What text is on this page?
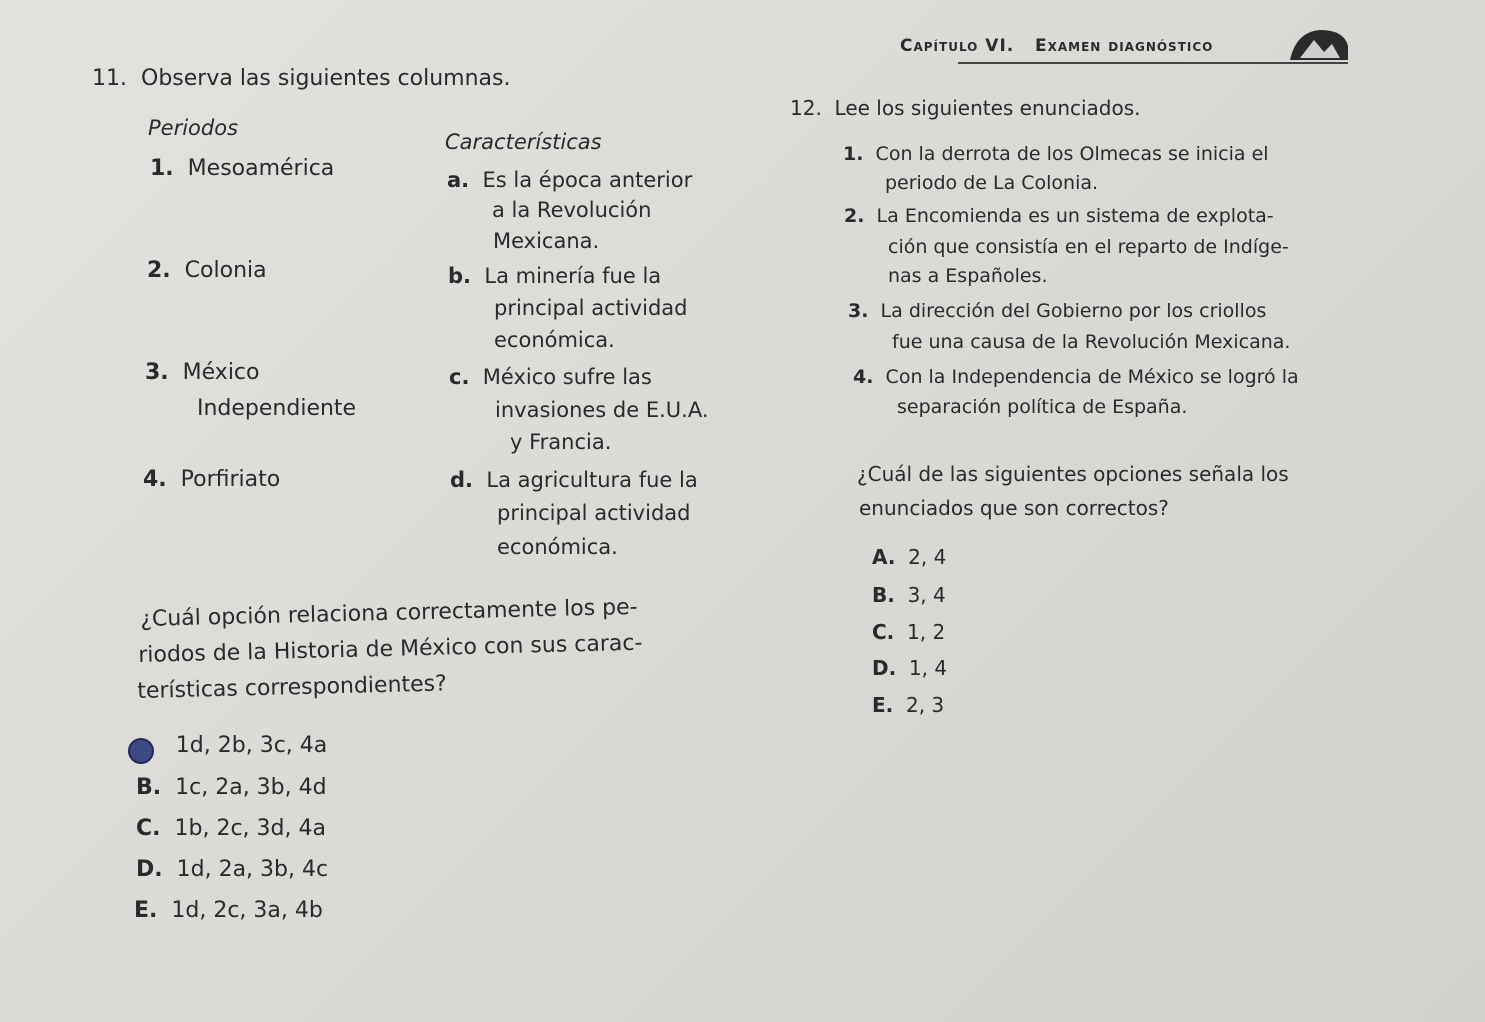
Capítulo VI. Examen diagnóstico
11. Observa las siguientes columnas.
Periodos
Características
1. Mesoamérica
2. Colonia
3. México
Independiente
4. Porfiriato
a. Es la época anterior
a la Revolución
Mexicana.
b. La minería fue la
principal actividad
económica.
c. México sufre las
invasiones de E.U.A.
y Francia.
d. La agricultura fue la
principal actividad
económica.
¿Cuál opción relaciona correctamente los pe-
riodos de la Historia de México con sus carac-
terísticas correspondientes?
1d, 2b, 3c, 4a
B. 1c, 2a, 3b, 4d
C. 1b, 2c, 3d, 4a
D. 1d, 2a, 3b, 4c
E. 1d, 2c, 3a, 4b
12. Lee los siguientes enunciados.
1. Con la derrota de los Olmecas se inicia el
periodo de La Colonia.
2. La Encomienda es un sistema de explota-
ción que consistía en el reparto de Indíge-
nas a Españoles.
3. La dirección del Gobierno por los criollos
fue una causa de la Revolución Mexicana.
4. Con la Independencia de México se logró la
separación política de España.
¿Cuál de las siguientes opciones señala los
enunciados que son correctos?
A. 2, 4
B. 3, 4
C. 1, 2
D. 1, 4
E. 2, 3
